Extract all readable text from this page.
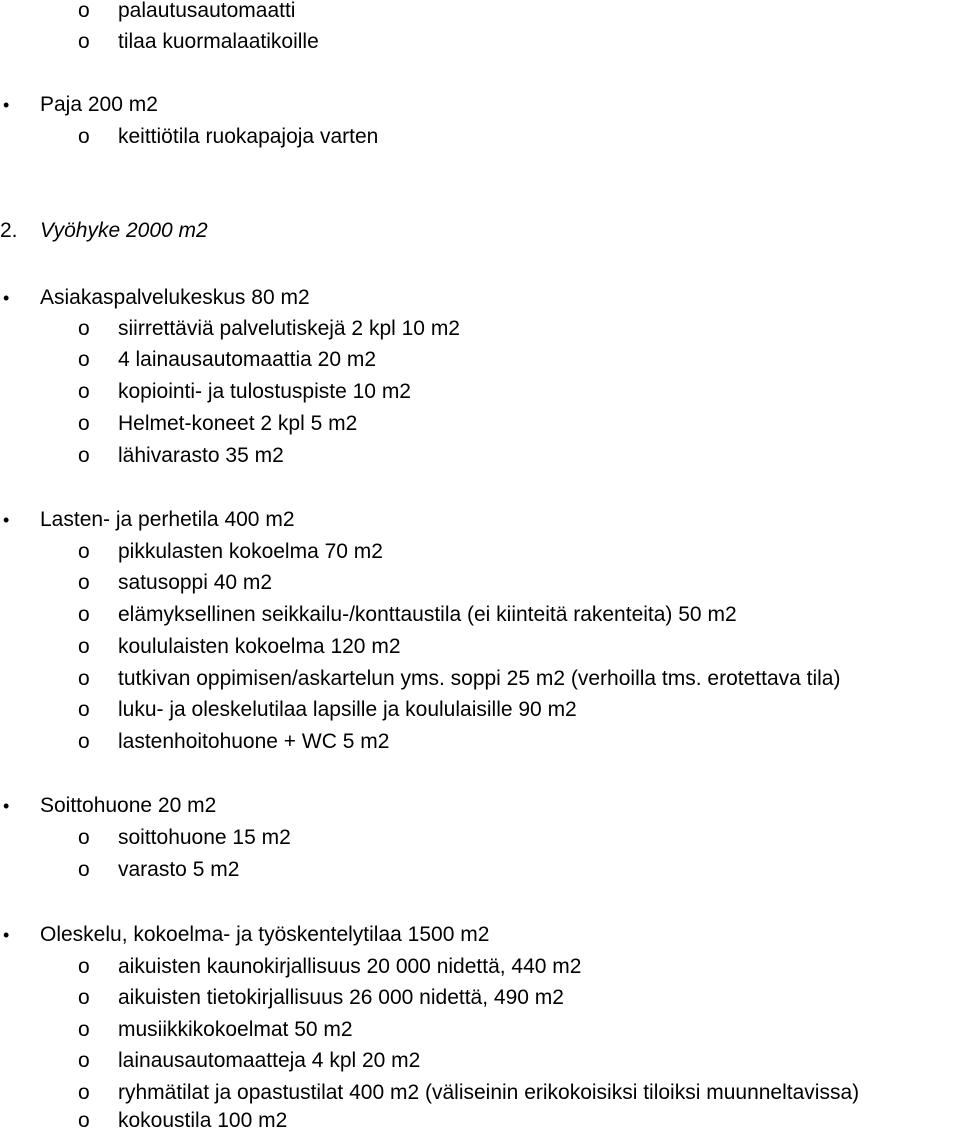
o palautusautomaatti
o tilaa kuormalaatikoille
• Paja 200 m2
o keittiötila ruokapajoja varten
2. Vyöhyke 2000 m2
• Asiakaspalvelukeskus 80 m2
o siirrettäviä palvelutiskejä 2 kpl 10 m2
o 4 lainausautomaattia 20 m2
o kopiointi- ja tulostuspiste 10 m2
o Helmet-koneet 2 kpl 5 m2
o lähivarasto 35 m2
• Lasten- ja perhetila 400 m2
o pikkulasten kokoelma 70 m2
o satusoppi 40 m2
o elämyksellinen seikkailu-/konttaustila (ei kiinteitä rakenteita) 50 m2
o koululaisten kokoelma 120 m2
o tutkivan oppimisen/askartelun yms. soppi 25 m2 (verhoilla tms. erotettava tila)
o luku- ja oleskelutilaa lapsille ja koululaisille 90 m2
o lastenhoitohuone + WC 5 m2
• Soittohuone 20 m2
o soittohuone 15 m2
o varasto 5 m2
• Oleskelu, kokoelma- ja työskentelytilaa 1500 m2
o aikuisten kaunokirjallisuus 20 000 nidettä, 440 m2
o aikuisten tietokirjallisuus 26 000 nidettä, 490 m2
o musiikkikokoelmat 50 m2
o lainausautomaatteja 4 kpl 20 m2
o ryhmätilat ja opastustilat 400 m2 (väliseinin erikokoisiksi tiloiksi muunneltavissa)
o kokoustila 100 m2
